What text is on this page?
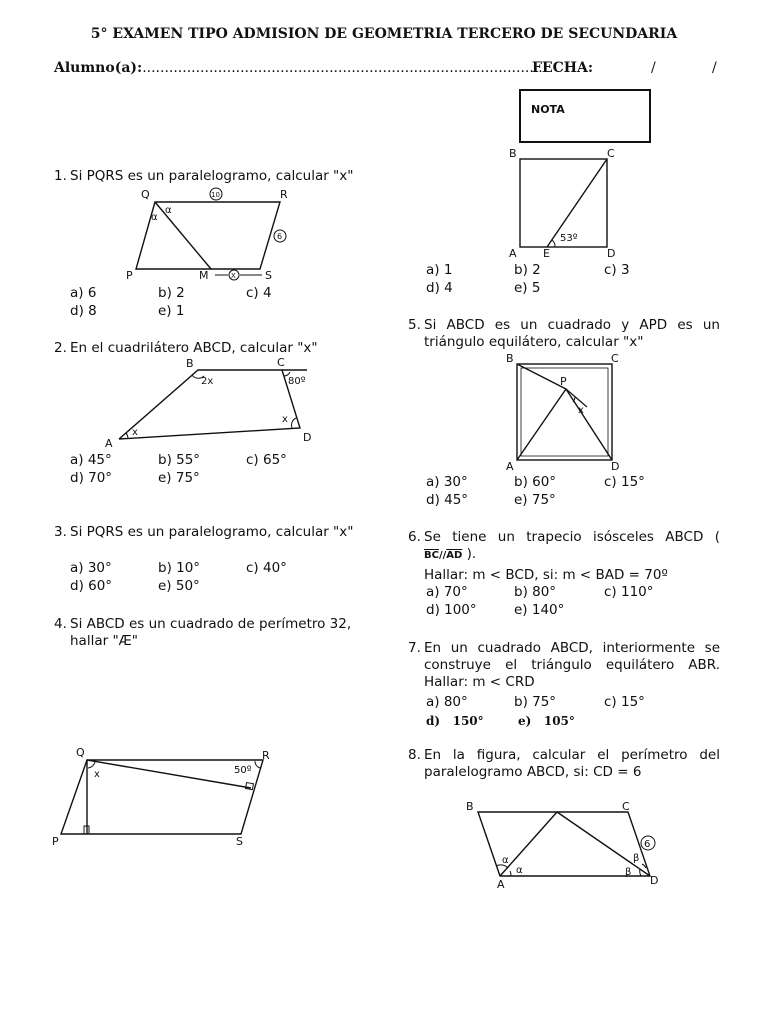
5° EXAMEN TIPO ADMISION DE GEOMETRIA TERCERO DE SECUNDARIA
Alumno(a):..........................................................................................
FECHA:	/	/
NOTA
1. Si PQRS es un paralelogramo, calcular "x"
Q	R
P	M	S
α
α
10
6
X
a) 6	b) 2	c) 4
d) 8	e) 1
2. En el cuadrilátero ABCD, calcular "x"
B	C
2x	80º
x
A
x	D
a) 45°	b) 55°	c) 65°
d) 70°	e) 75°
3. Si PQRS es un paralelogramo, calcular "x"
a) 30°	b) 10°	c) 40°
d) 60°	e) 50°
4. Si ABCD es un cuadrado de perímetro 32,
hallar "Æ"
Q	R
x	50º
P	S
B	C
A E	D
53º
a) 1	b) 2	c) 3
d) 4	e) 5
5. Si ABCD es un cuadrado y APD es un
triángulo equilátero, calcular "x"
B	C
P
x
A	D
a) 30°	b) 60°	c) 15°
d) 45°	e) 75°
6. Se tiene un trapecio isósceles ABCD (
$\overline{BC}//\overline{AD}$ ).
Hallar: m < BCD, si: m < BAD = 70º
a) 70°	b) 80°	c) 110°
d) 100°	e) 140°
7. En un cuadrado ABCD, interiormente se
construye el triángulo equilátero ABR.
Hallar: m < CRD
a) 80°	b) 75°	c) 15°
d)   150°	e)   105°
8. En la figura, calcular el perímetro del
paralelogramo ABCD, si: CD = 6
B	C
6
α
α
β
β
A	D
